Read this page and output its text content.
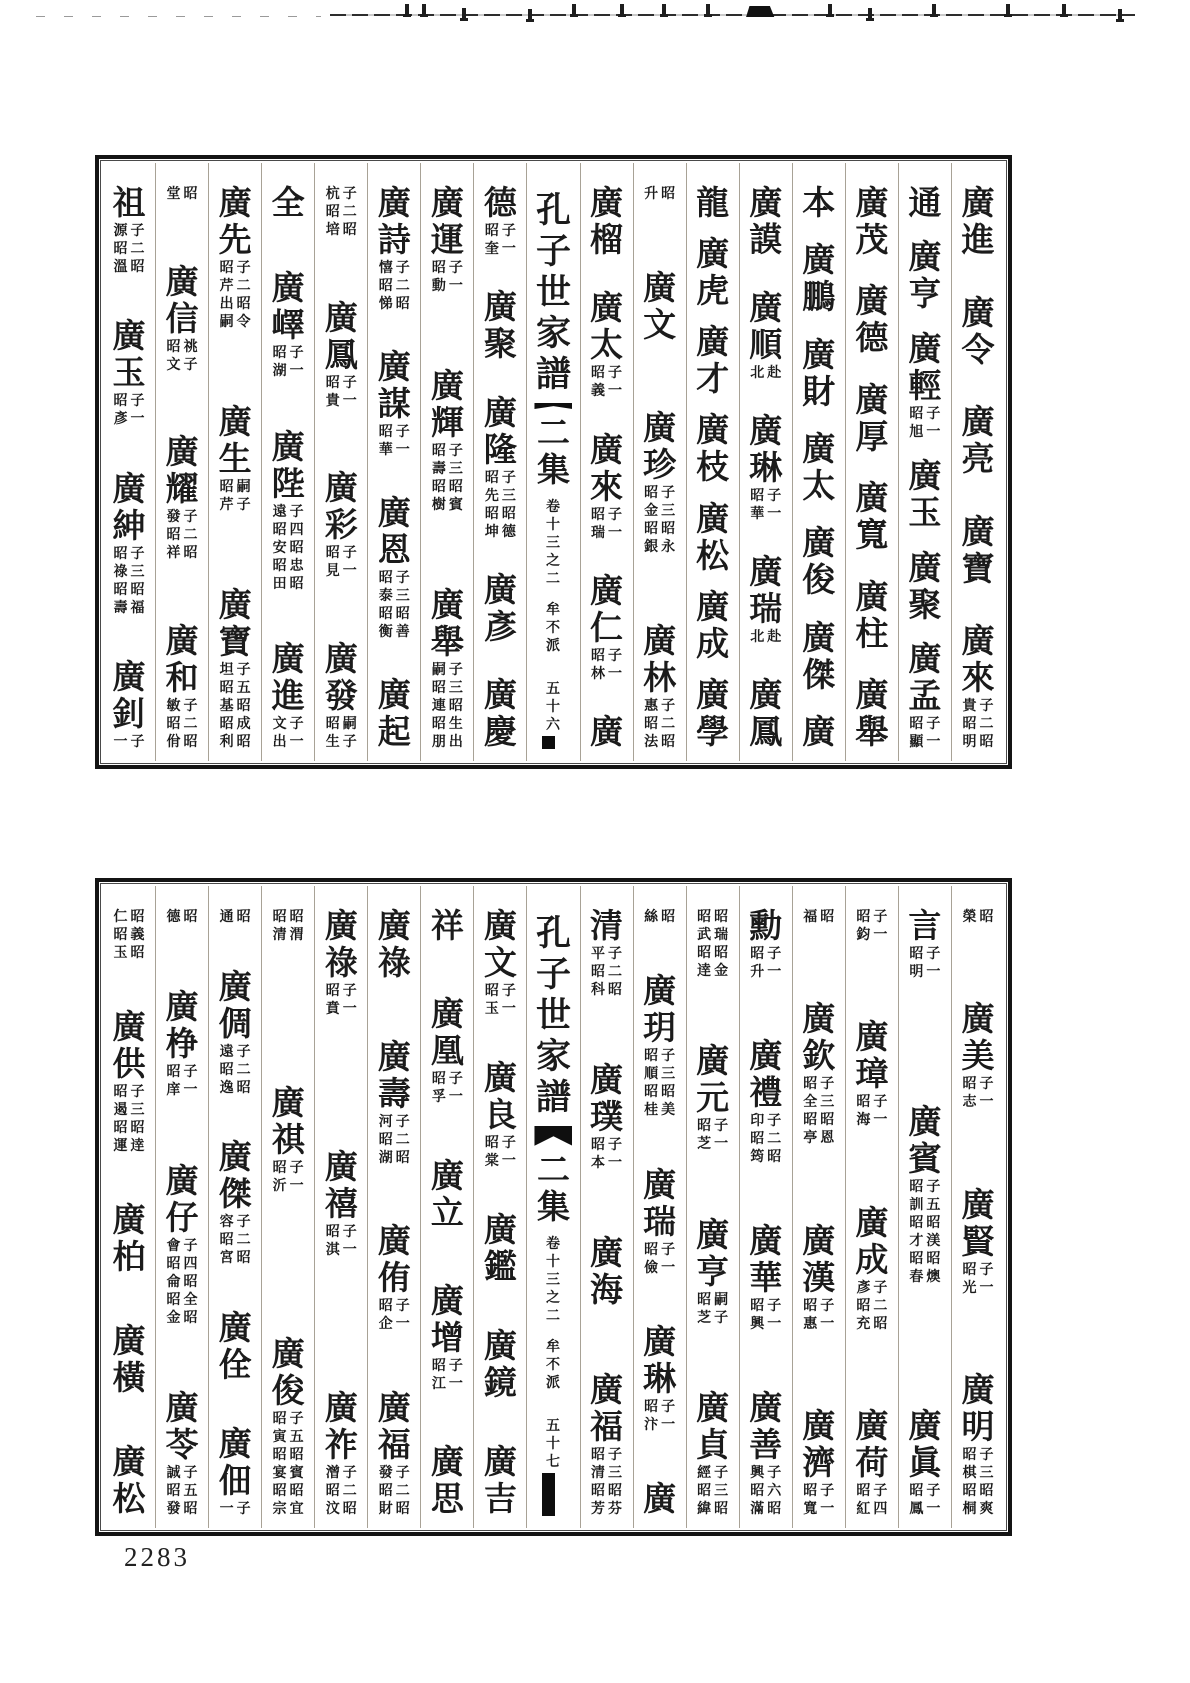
廣
進
廣
令
廣
亮
廣
寶
廣
來
貴子
昭二
明昭
通
廣
亨
廣
輕
昭子
旭一
廣
玉
廣
聚
廣
孟
昭子
顯一
廣
茂
廣
德
廣
厚
廣
寬
廣
柱
廣
舉
本
廣
鵬
廣
財
廣
太
廣
俊
廣
傑
廣
廣
謨
廣
順
北赴
廣
琳
昭子
華一
廣
瑞
北赴
廣
鳳
龍
廣
虎
廣
才
廣
枝
廣
松
廣
成
廣
學
升昭
廣
文
廣
珍
昭子
金三
昭昭
銀永
廣
林
惠子
昭二
法昭
廣
榴
廣
太
昭子
義一
廣
來
昭子
瑞一
廣
仁
昭子
林一
廣
孔
子
世
家
譜
二
集
卷
十
三
之
二
牟
不
派
五
十
六
德
昭子
奎一
廣
聚
廣
隆
昭子
先三
昭昭
坤德
廣
彥
廣
慶
廣
運
昭子
動一
廣
輝
昭子
壽三
昭昭
樹賓
廣
舉
嗣子
昭三
連昭
昭生
朋出
廣
詩
憘子
昭二
悌昭
廣
謀
昭子
華一
廣
恩
昭子
泰三
昭昭
衡善
廣
起
杭子
昭二
培昭
廣
鳳
昭子
貴一
廣
彩
昭子
見一
廣
發
昭嗣
生子
全
廣
嶧
昭子
湖一
廣
陛
遠子
昭四
安昭
昭忠
田昭
廣
進
文子
出一
廣
先
昭子
芹二
出昭
嗣令
廣
生
昭嗣
芹子
廣
寶
坦子
昭五
基昭
昭成
利昭
堂昭
廣
信
昭祧
文子
廣
耀
發子
昭二
祥昭
廣
和
敏子
昭二
佾昭
祖
源子
昭二
溫昭
廣
玉
昭子
彥一
廣
紳
昭子
祿三
昭昭
壽福
廣
釗
一子
榮昭
廣
美
昭子
志一
廣
賢
昭子
光一
廣
明
昭子
棋三
昭昭
桐爽
言
昭子
明一
廣
賓
昭子
訓五
昭昭
才渼
昭昭
春燠
廣
眞
昭子
鳳一
昭子
鈞一
廣
璋
昭子
海一
廣
成
彥子
昭二
充昭
廣
荷
昭子
紅四
福昭
廣
欽
昭子
全三
昭昭
亭恩
廣
漢
昭子
惠一
廣
濟
昭子
寬一
勳
昭子
升一
廣
禮
印子
昭二
筠昭
廣
華
昭子
興一
廣
善
興子
昭六
滿昭
昭昭
武瑞
昭昭
逹金
廣
元
昭子
芝一
廣
亨
昭嗣
芝子
廣
貞
經子
昭三
緯昭
絲昭
廣
玥
昭子
順三
昭昭
桂美
廣
瑞
昭子
儉一
廣
琳
昭子
汴一
廣
清
平子
昭二
科昭
廣
璞
昭子
本一
廣
海
廣
福
昭子
清三
昭昭
芳芬
孔
子
世
家
譜
二
集
卷
十
三
之
二
牟
不
派
五
十
七
廣
文
昭子
玉一
廣
良
昭子
棠一
廣
鑑
廣
鏡
廣
吉
祥
廣
凰
昭子
孚一
廣
立
廣
增
昭子
江一
廣
思
廣
祿
廣
壽
河子
昭二
湖昭
廣
侑
昭子
企一
廣
福
發子
昭二
財昭
廣
祿
昭子
賁一
廣
禧
昭子
淇一
廣
祚
潧子
昭二
汶昭
昭昭
清渭
廣
祺
昭子
沂一
廣
俊
昭子
寅五
昭昭
宴賓
昭昭
宗宜
通昭
廣
倜
遠子
昭二
逸昭
廣
傑
容子
昭二
宮昭
廣
佺
廣
佃
一子
德昭
廣
棦
昭子
庠一
廣
仔
會子
昭四
侖昭
昭全
金昭
廣
苓
誠子
昭五
發昭
仁昭
昭義
玉昭
廣
供
昭子
遏三
昭昭
運逹
廣
柏
廣
橫
廣
松
2283
